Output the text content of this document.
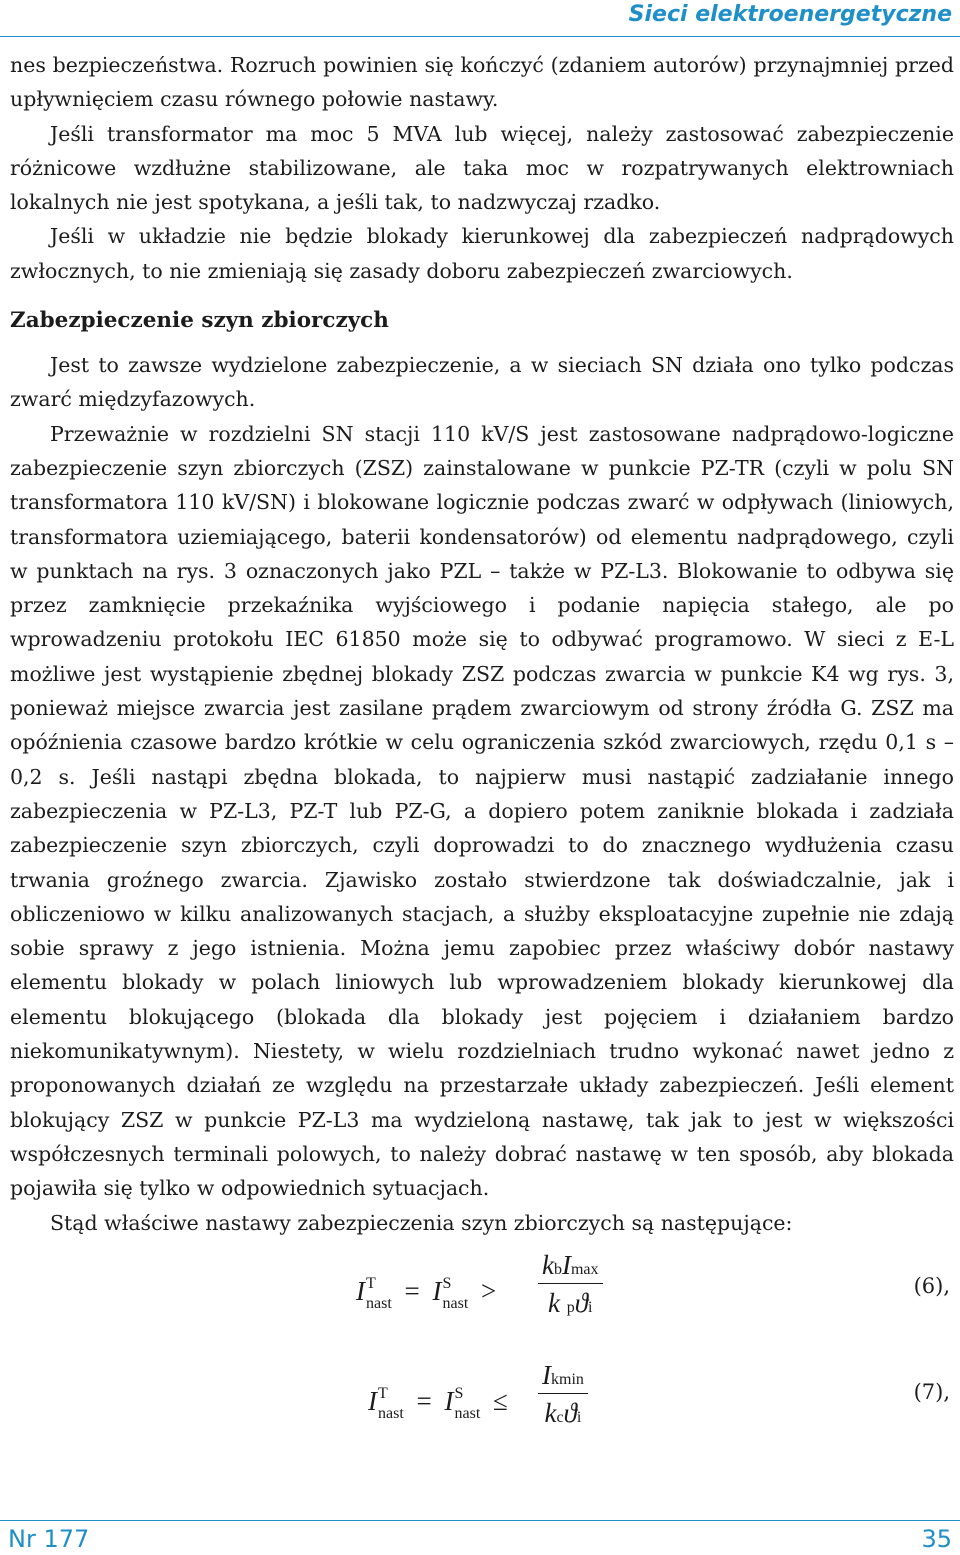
Sieci elektroenergetyczne

nes bezpieczeństwa. Rozruch powinien się kończyć (zdaniem autorów) przynajmniej przed upływnięciem czasu równego połowie nastawy.

Jeśli transformator ma moc 5 MVA lub więcej, należy zastosować zabezpieczenie różnicowe wzdłużne stabilizowane, ale taka moc w rozpatrywanych elektrowniach lokalnych nie jest spotykana, a jeśli tak, to nadzwyczaj rzadko.

Jeśli w układzie nie będzie blokady kierunkowej dla zabezpieczeń nadprądowych zwłocznych, to nie zmieniają się zasady doboru zabezpieczeń zwarciowych.

Zabezpieczenie szyn zbiorczych

Jest to zawsze wydzielone zabezpieczenie, a w sieciach SN działa ono tylko podczas zwarć międzyfazowych.

Przeważnie w rozdzielni SN stacji 110 kV/S jest zastosowane nadprądowo-logiczne zabezpieczenie szyn zbiorczych (ZSZ) zainstalowane w punkcie PZ-TR (czyli w polu SN transformatora 110 kV/SN) i blokowane logicznie podczas zwarć w odpływach (liniowych, transformatora uziemiającego, baterii kondensatorów) od elementu nadprądowego, czyli w punktach na rys. 3 oznaczonych jako PZL – także w PZ-L3. Blokowanie to odbywa się przez zamknięcie przekaźnika wyjściowego i podanie napięcia stałego, ale po wprowadzeniu protokołu IEC 61850 może się to odbywać programowo. W sieci z E-L możliwe jest wystąpienie zbędnej blokady ZSZ podczas zwarcia w punkcie K4 wg rys. 3, ponieważ miejsce zwarcia jest zasilane prądem zwarciowym od strony źródła G. ZSZ ma opóźnienia czasowe bardzo krótkie w celu ograniczenia szkód zwarciowych, rzędu 0,1 s –0,2 s. Jeśli nastąpi zbędna blokada, to najpierw musi nastąpić zadziałanie innego zabezpieczenia w PZ-L3, PZ-T lub PZ-G, a dopiero potem zaniknie blokada i zadziała zabezpieczenie szyn zbiorczych, czyli doprowadzi to do znacznego wydłużenia czasu trwania groźnego zwarcia. Zjawisko zostało stwierdzone tak doświadczalnie, jak i obliczeniowo w kilku analizowanych stacjach, a służby eksploatacyjne zupełnie nie zdają sobie sprawy z jego istnienia. Można jemu zapobiec przez właściwy dobór nastawy elementu blokady w polach liniowych lub wprowadzeniem blokady kierunkowej dla elementu blokującego (blokada dla blokady jest pojęciem i działaniem bardzo niekomunikatywnym). Niestety, w wielu rozdzielniach trudno wykonać nawet jedno z proponowanych działań ze względu na przestarzałe układy zabezpieczeń. Jeśli element blokujący ZSZ w punkcie PZ-L3 ma wydzieloną nastawę, tak jak to jest w większości współczesnych terminali polowych, to należy dobrać nastawę w ten sposób, aby blokada pojawiła się tylko w odpowiednich sytuacjach.

Stąd właściwe nastawy zabezpieczenia szyn zbiorczych są następujące:

I T
nast = I S
nast >
kbImax
k pϑi
(6),
I T
nast = I S
nast ≤
Ikmin
kcϑi
(7),
Nr 177	35
